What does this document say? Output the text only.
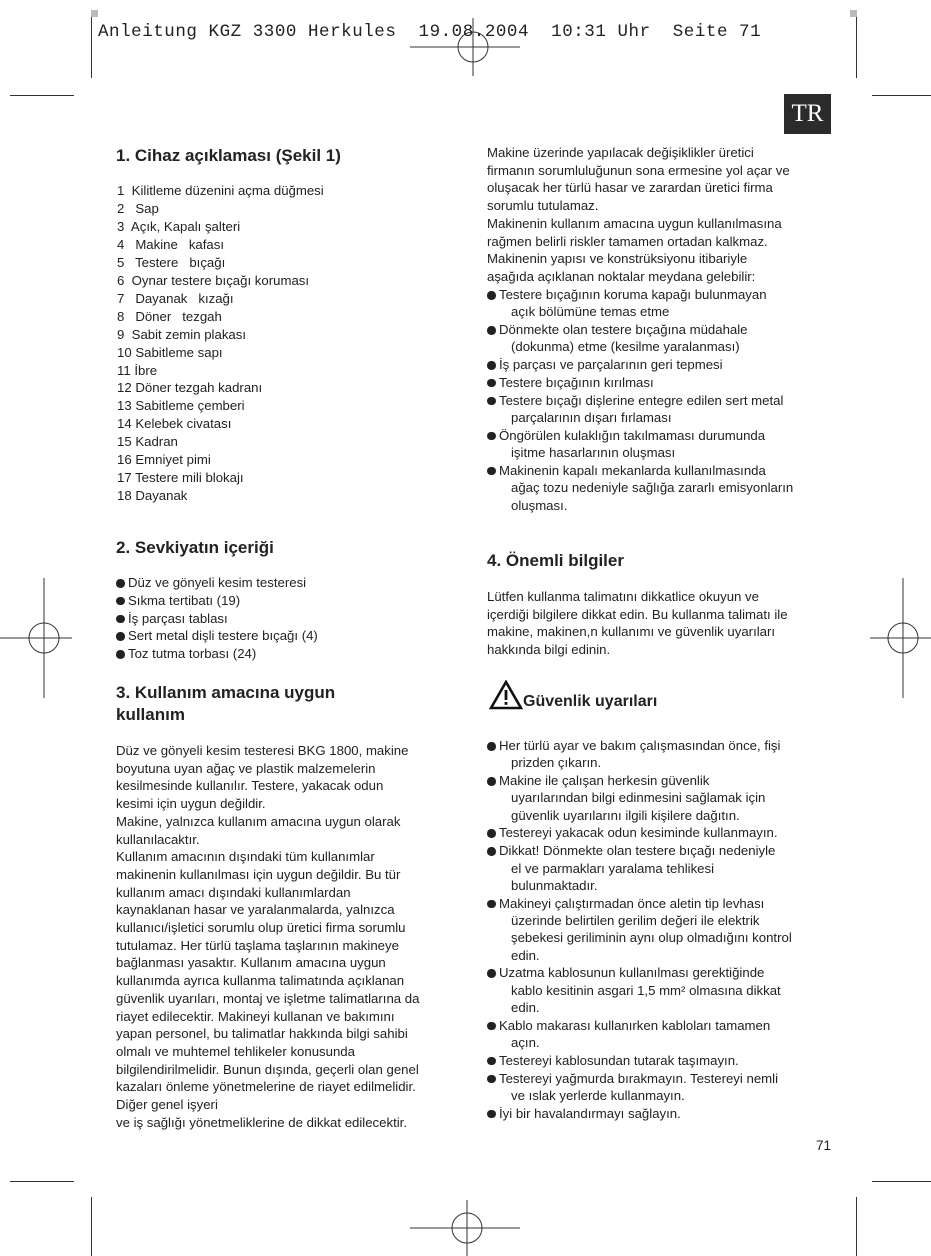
Anleitung KGZ 3300 Herkules 19.08.2004 10:31 Uhr Seite 71
TR
1. Cihaz açıklaması (Şekil 1)
1  Kilitleme düzenini açma düğmesi
2   Sap
3  Açık, Kapalı şalteri
4   Makine   kafası
5   Testere   bıçağı
6  Oynar testere bıçağı koruması
7   Dayanak   kızağı
8   Döner   tezgah
9  Sabit zemin plakası
10 Sabitleme sapı
11 İbre
12 Döner tezgah kadranı
13 Sabitleme çemberi
14 Kelebek civatası
15 Kadran
16 Emniyet pimi
17 Testere mili blokajı
18 Dayanak
2. Sevkiyatın içeriği
Düz ve gönyeli kesim testeresi
Sıkma tertibatı (19)
İş parçası tablası
Sert metal dişli testere bıçağı (4)
Toz tutma torbası (24)
3. Kullanım amacına uygun
kullanım
Düz ve gönyeli kesim testeresi BKG 1800, makine
boyutuna uyan ağaç ve plastik malzemelerin
kesilmesinde kullanılır. Testere, yakacak odun
kesimi için uygun değildir.
Makine, yalnızca kullanım amacına uygun olarak
kullanılacaktır.
Kullanım amacının dışındaki tüm kullanımlar
makinenin kullanılması için uygun değildir. Bu tür
kullanım amacı dışındaki kullanımlardan
kaynaklanan hasar ve yaralanmalarda, yalnızca
kullanıcı/işletici sorumlu olup üretici firma sorumlu
tutulamaz. Her türlü taşlama taşlarının makineye
bağlanması yasaktır. Kullanım amacına uygun
kullanımda ayrıca kullanma talimatında açıklanan
güvenlik uyarıları, montaj ve işletme talimatlarına da
riayet edilecektir. Makineyi kullanan ve bakımını
yapan personel, bu talimatlar hakkında bilgi sahibi
olmalı ve muhtemel tehlikeler konusunda
bilgilendirilmelidir. Bunun dışında, geçerli olan genel
kazaları önleme yönetmelerine de riayet edilmelidir.
Diğer genel işyeri
ve iş sağlığı yönetmeliklerine de dikkat edilecektir.
Makine üzerinde yapılacak değişiklikler üretici
firmanın sorumluluğunun sona ermesine yol açar ve
oluşacak her türlü hasar ve zarardan üretici firma
sorumlu tutulamaz.
Makinenin kullanım amacına uygun kullanılmasına
rağmen belirli riskler tamamen ortadan kalkmaz.
Makinenin yapısı ve konstrüksiyonu itibariyle
aşağıda açıklanan noktalar meydana gelebilir:
Testere bıçağının koruma kapağı bulunmayan
açık bölümüne temas etme
Dönmekte olan testere bıçağına müdahale
(dokunma) etme (kesilme yaralanması)
İş parçası ve parçalarının geri tepmesi
Testere bıçağının kırılması
Testere bıçağı dişlerine entegre edilen sert metal
parçalarının dışarı fırlaması
Öngörülen kulaklığın takılmaması durumunda
işitme hasarlarının oluşması
Makinenin kapalı mekanlarda kullanılmasında
ağaç tozu nedeniyle sağlığa zararlı emisyonların
oluşması.
4. Önemli bilgiler
Lütfen kullanma talimatını dikkatlice okuyun ve
içerdiği bilgilere dikkat edin. Bu kullanma talimatı ile
makine, makinen,n kullanımı ve güvenlik uyarıları
hakkında bilgi edinin.
Güvenlik uyarıları
Her türlü ayar ve bakım çalışmasından önce, fişi
prizden çıkarın.
Makine ile çalışan herkesin güvenlik
uyarılarından bilgi edinmesini sağlamak için
güvenlik uyarılarını ilgili kişilere dağıtın.
Testereyi yakacak odun kesiminde kullanmayın.
Dikkat! Dönmekte olan testere bıçağı nedeniyle
el ve parmakları yaralama tehlikesi
bulunmaktadır.
Makineyi çalıştırmadan önce aletin tip levhası
üzerinde belirtilen gerilim değeri ile elektrik
şebekesi geriliminin aynı olup olmadığını kontrol
edin.
Uzatma kablosunun kullanılması gerektiğinde
kablo kesitinin asgari 1,5 mm² olmasına dikkat
edin.
Kablo makarası kullanırken kabloları tamamen
açın.
Testereyi kablosundan tutarak taşımayın.
Testereyi yağmurda bırakmayın. Testereyi nemli
ve ıslak yerlerde kullanmayın.
İyi bir havalandırmayı sağlayın.
71
